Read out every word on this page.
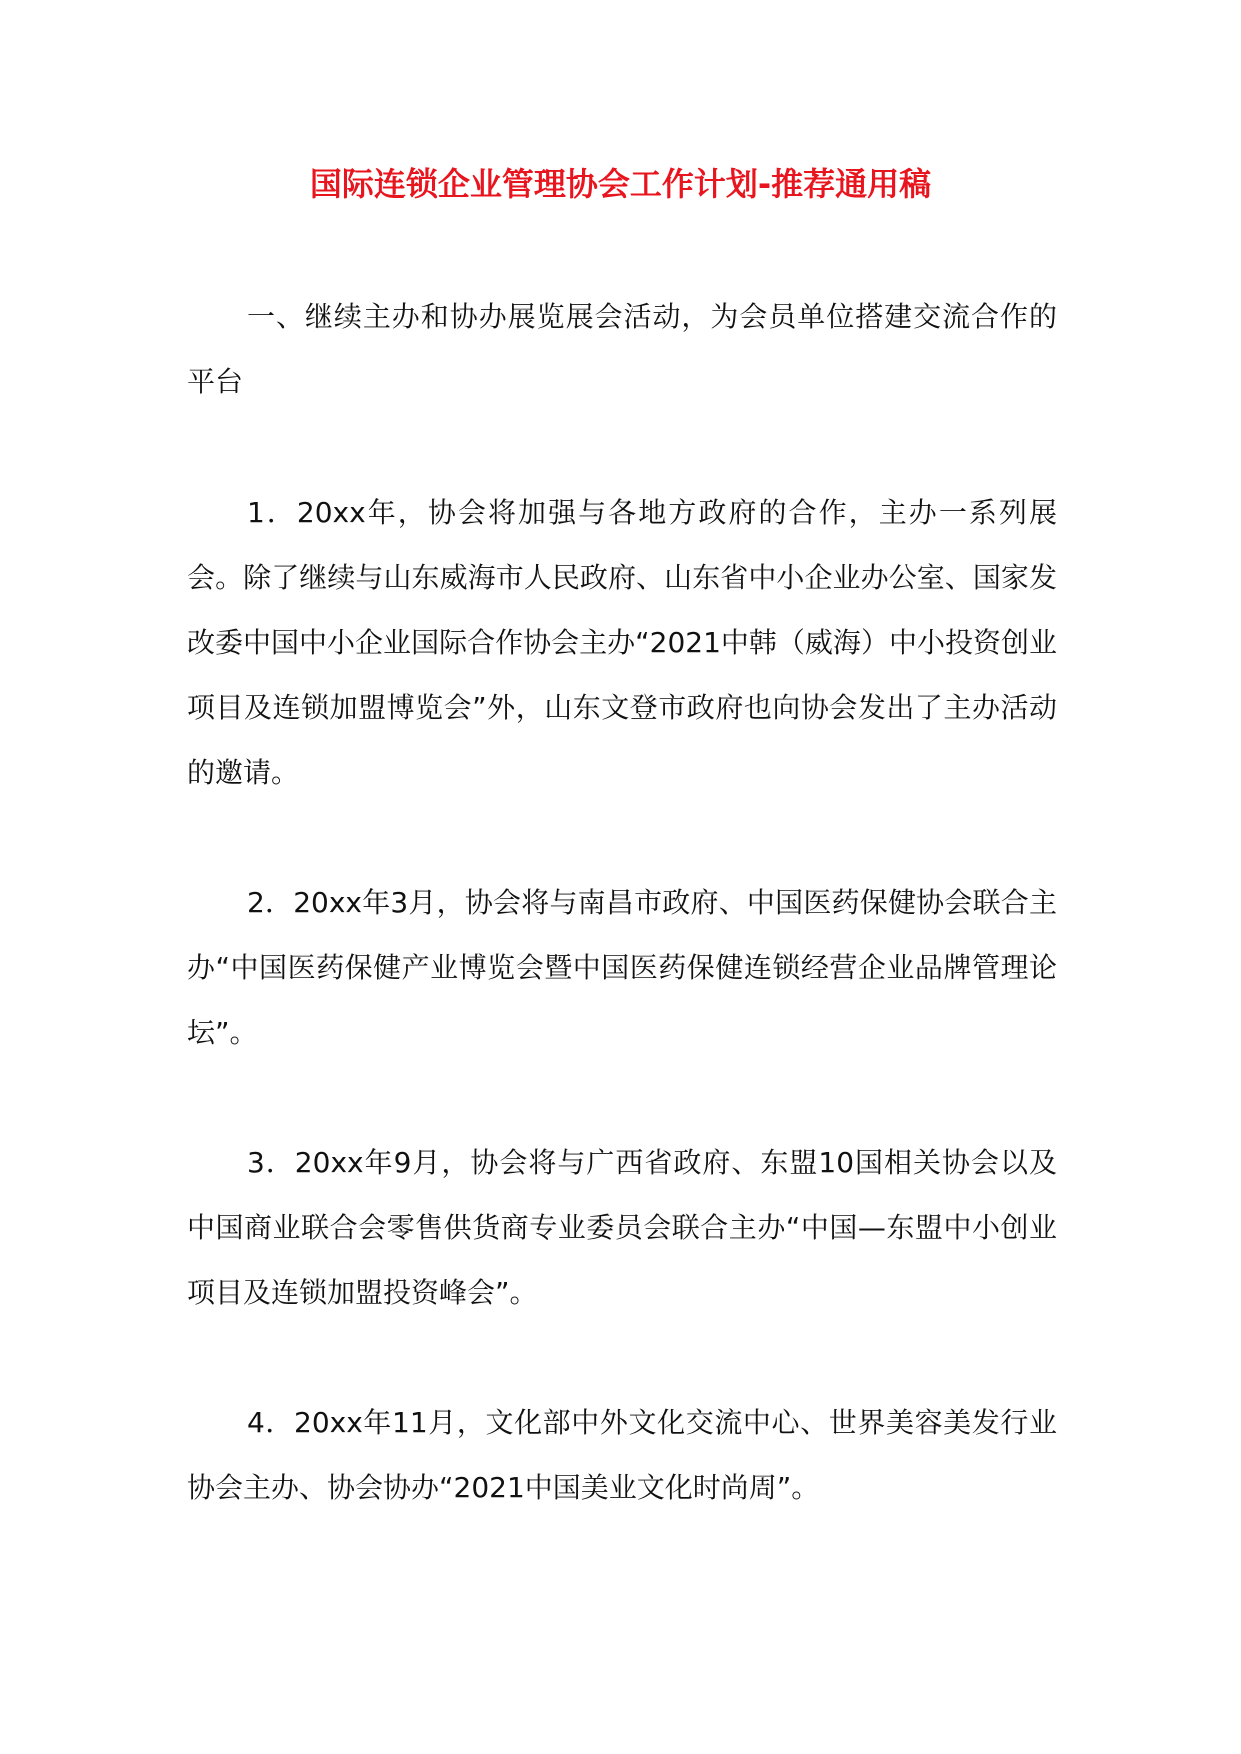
国际连锁企业管理协会工作计划-推荐通用稿

一、继续主办和协办展览展会活动，为会员单位搭建交流合作的平台

1．20xx年，协会将加强与各地方政府的合作，主办一系列展会。除了继续与山东威海市人民政府、山东省中小企业办公室、国家发改委中国中小企业国际合作协会主办“2021中韩（威海）中小投资创业项目及连锁加盟博览会”外，山东文登市政府也向协会发出了主办活动的邀请。

2．20xx年3月，协会将与南昌市政府、中国医药保健协会联合主办“中国医药保健产业博览会暨中国医药保健连锁经营企业品牌管理论坛”。

3．20xx年9月，协会将与广西省政府、东盟10国相关协会以及中国商业联合会零售供货商专业委员会联合主办“中国—东盟中小创业项目及连锁加盟投资峰会”。

4．20xx年11月，文化部中外文化交流中心、世界美容美发行业协会主办、协会协办“2021中国美业文化时尚周”。
